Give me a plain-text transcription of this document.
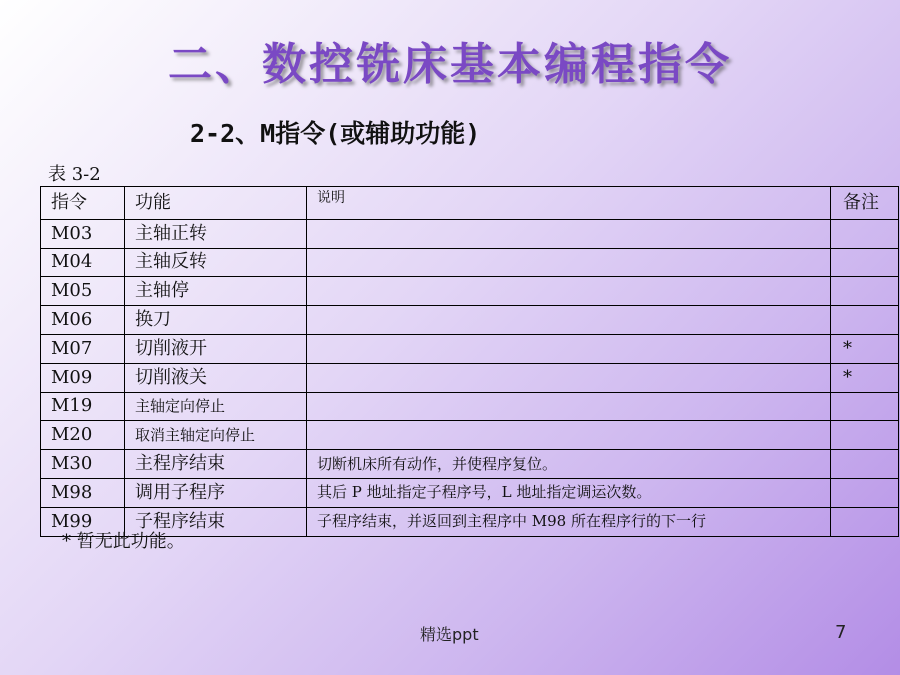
二、数控铣床基本编程指令
2-2、M指令(或辅助功能)
表 3-2
指令	功能	说明	备注
M03	主轴正转		
M04	主轴反转		
M05	主轴停		
M06	换刀		
M07	切削液开		*
M09	切削液关		*
M19	主轴定向停止		
M20	取消主轴定向停止		
M30	主程序结束	切断机床所有动作，并使程序复位。	
M98	调用子程序	其后 P 地址指定子程序号，L 地址指定调运次数。	
M99	子程序结束	子程序结束，并返回到主程序中 M98 所在程序行的下一行	
* 暂无此功能。
精选ppt	7
